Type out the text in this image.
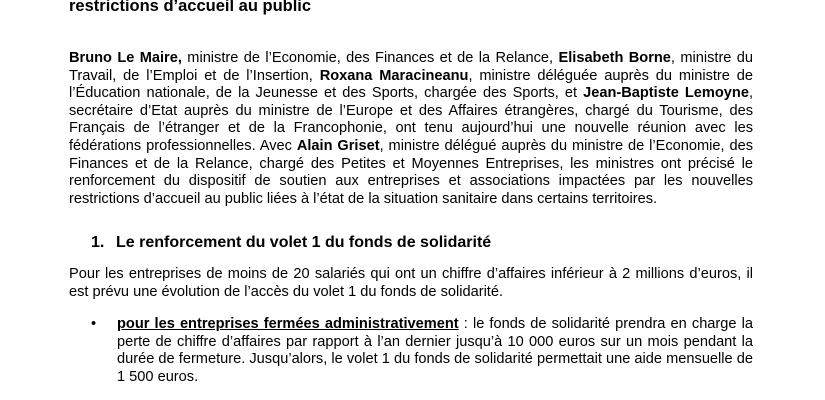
restrictions d’accueil au public

Bruno Le Maire, ministre de l’Economie, des Finances et de la Relance, Elisabeth Borne, ministre du Travail, de l’Emploi et de l’Insertion, Roxana Maracineanu, ministre déléguée auprès du ministre de l’Éducation nationale, de la Jeunesse et des Sports, chargée des Sports, et Jean-Baptiste Lemoyne, secrétaire d’Etat auprès du ministre de l’Europe et des Affaires étrangères, chargé du Tourisme, des Français de l’étranger et de la Francophonie, ont tenu aujourd’hui une nouvelle réunion avec les fédérations professionnelles. Avec Alain Griset, ministre délégué auprès du ministre de l’Economie, des Finances et de la Relance, chargé des Petites et Moyennes Entreprises, les ministres ont précisé le renforcement du dispositif de soutien aux entreprises et associations impactées par les nouvelles restrictions d’accueil au public liées à l’état de la situation sanitaire dans certains territoires.

1. Le renforcement du volet 1 du fonds de solidarité

Pour les entreprises de moins de 20 salariés qui ont un chiffre d’affaires inférieur à 2 millions d’euros, il est prévu une évolution de l’accès du volet 1 du fonds de solidarité.

•	pour les entreprises fermées administrativement : le fonds de solidarité prendra en charge la perte de chiffre d’affaires par rapport à l’an dernier jusqu’à 10 000 euros sur un mois pendant la durée de fermeture. Jusqu’alors, le volet 1 du fonds de solidarité permettait une aide mensuelle de 1 500 euros.
